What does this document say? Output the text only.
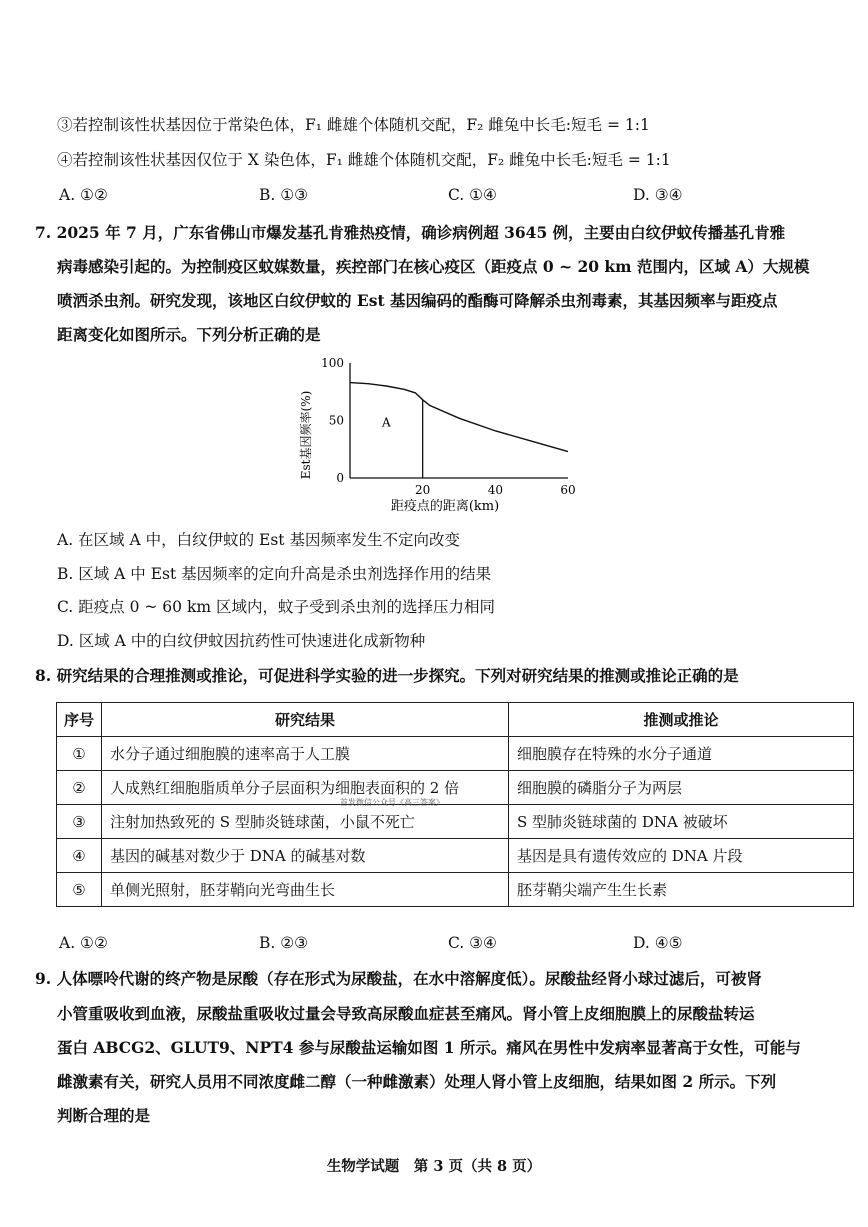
③若控制该性状基因位于常染色体，F₁ 雌雄个体随机交配，F₂ 雌兔中长毛:短毛 = 1:1
④若控制该性状基因仅位于 X 染色体，F₁ 雌雄个体随机交配，F₂ 雌兔中长毛:短毛 = 1:1
A. ①②	B. ①③	C. ①④	D. ③④
7. 2025 年 7 月，广东省佛山市爆发基孔肯雅热疫情，确诊病例超 3645 例，主要由白纹伊蚊传播基孔肯雅
病毒感染引起的。为控制疫区蚊媒数量，疾控部门在核心疫区（距疫点 0 ~ 20 km 范围内，区域 A）大规模
喷洒杀虫剂。研究发现，该地区白纹伊蚊的 Est 基因编码的酯酶可降解杀虫剂毒素，其基因频率与距疫点
距离变化如图所示。下列分析正确的是
0
50
100
20	40	60
Est基因频率(%)
距疫点的距离(km)
A
A. 在区域 A 中，白纹伊蚊的 Est 基因频率发生不定向改变
B. 区域 A 中 Est 基因频率的定向升高是杀虫剂选择作用的结果
C. 距疫点 0 ~ 60 km 区域内，蚊子受到杀虫剂的选择压力相同
D. 区域 A 中的白纹伊蚊因抗药性可快速进化成新物种
8. 研究结果的合理推测或推论，可促进科学实验的进一步探究。下列对研究结果的推测或推论正确的是
序号	研究结果	推测或推论
①	水分子通过细胞膜的速率高于人工膜	细胞膜存在特殊的水分子通道
②	人成熟红细胞脂质单分子层面积为细胞表面积的 2 倍	细胞膜的磷脂分子为两层
③	注射加热致死的 S 型肺炎链球菌，小鼠不死亡	S 型肺炎链球菌的 DNA 被破坏
④	基因的碱基对数少于 DNA 的碱基对数	基因是具有遗传效应的 DNA 片段
⑤	单侧光照射，胚芽鞘向光弯曲生长	胚芽鞘尖端产生生长素
首发微信公众号《高三答案》
A. ①②	B. ②③	C. ③④	D. ④⑤
9. 人体嘌呤代谢的终产物是尿酸（存在形式为尿酸盐，在水中溶解度低）。尿酸盐经肾小球过滤后，可被肾
小管重吸收到血液，尿酸盐重吸收过量会导致高尿酸血症甚至痛风。肾小管上皮细胞膜上的尿酸盐转运
蛋白 ABCG2、GLUT9、NPT4 参与尿酸盐运输如图 1 所示。痛风在男性中发病率显著高于女性，可能与
雌激素有关，研究人员用不同浓度雌二醇（一种雌激素）处理人肾小管上皮细胞，结果如图 2 所示。下列
判断合理的是
生物学试题　第 3 页（共 8 页）
